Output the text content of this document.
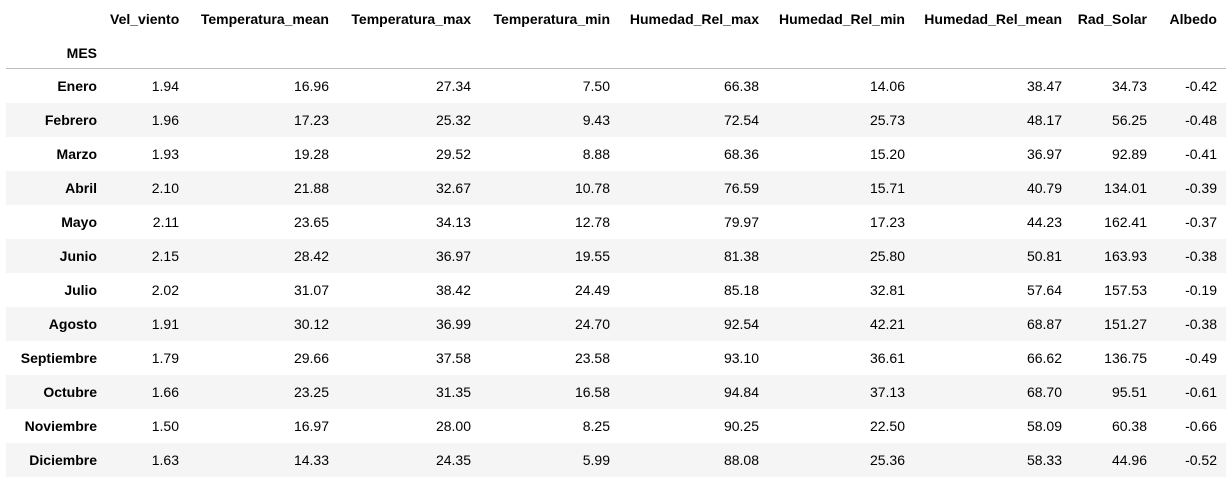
	Vel_viento	Temperatura_mean	Temperatura_max	Temperatura_min	Humedad_Rel_max	Humedad_Rel_min	Humedad_Rel_mean	Rad_Solar	Albedo
MES									
Enero	1.94	16.96	27.34	7.50	66.38	14.06	38.47	34.73	-0.42
Febrero	1.96	17.23	25.32	9.43	72.54	25.73	48.17	56.25	-0.48
Marzo	1.93	19.28	29.52	8.88	68.36	15.20	36.97	92.89	-0.41
Abril	2.10	21.88	32.67	10.78	76.59	15.71	40.79	134.01	-0.39
Mayo	2.11	23.65	34.13	12.78	79.97	17.23	44.23	162.41	-0.37
Junio	2.15	28.42	36.97	19.55	81.38	25.80	50.81	163.93	-0.38
Julio	2.02	31.07	38.42	24.49	85.18	32.81	57.64	157.53	-0.19
Agosto	1.91	30.12	36.99	24.70	92.54	42.21	68.87	151.27	-0.38
Septiembre	1.79	29.66	37.58	23.58	93.10	36.61	66.62	136.75	-0.49
Octubre	1.66	23.25	31.35	16.58	94.84	37.13	68.70	95.51	-0.61
Noviembre	1.50	16.97	28.00	8.25	90.25	22.50	58.09	60.38	-0.66
Diciembre	1.63	14.33	24.35	5.99	88.08	25.36	58.33	44.96	-0.52
